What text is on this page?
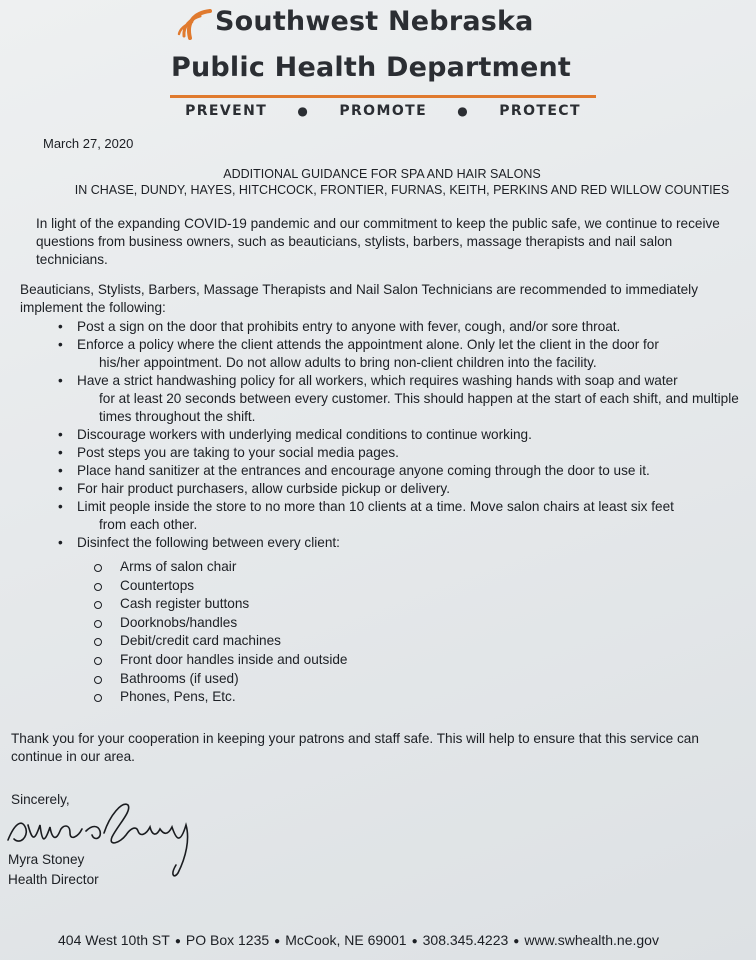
Southwest Nebraska
Public Health Department
PREVENT	● PROMOTE	● PROTECT
March 27, 2020
ADDITIONAL GUIDANCE FOR SPA AND HAIR SALONS
IN CHASE, DUNDY, HAYES, HITCHCOCK, FRONTIER, FURNAS, KEITH, PERKINS AND RED WILLOW COUNTIES
In light of the expanding COVID-19 pandemic and our commitment to keep the public safe, we continue to receive questions from business owners, such as beauticians, stylists, barbers, massage therapists and nail salon technicians.
Beauticians, Stylists, Barbers, Massage Therapists and Nail Salon Technicians are recommended to immediately implement the following:
• Post a sign on the door that prohibits entry to anyone with fever, cough, and/or sore throat.
• Enforce a policy where the client attends the appointment alone. Only let the client in the door for
his/her appointment. Do not allow adults to bring non-client children into the facility.
• Have a strict handwashing policy for all workers, which requires washing hands with soap and water
for at least 20 seconds between every customer. This should happen at the start of each shift, and multiple times throughout the shift.
• Discourage workers with underlying medical conditions to continue working.
• Post steps you are taking to your social media pages.
• Place hand sanitizer at the entrances and encourage anyone coming through the door to use it.
• For hair product purchasers, allow curbside pickup or delivery.
• Limit people inside the store to no more than 10 clients at a time. Move salon chairs at least six feet
from each other.
• Disinfect the following between every client:
Arms of salon chair
Countertops
Cash register buttons
Doorknobs/handles
Debit/credit card machines
Front door handles inside and outside
Bathrooms (if used)
Phones, Pens, Etc.
Thank you for your cooperation in keeping your patrons and staff safe. This will help to ensure that this service can continue in our area.
Sincerely,
Myra Stoney
Health Director
404 West 10th ST ● PO Box 1235 ● McCook, NE 69001 ● 308.345.4223 ● www.swhealth.ne.gov
